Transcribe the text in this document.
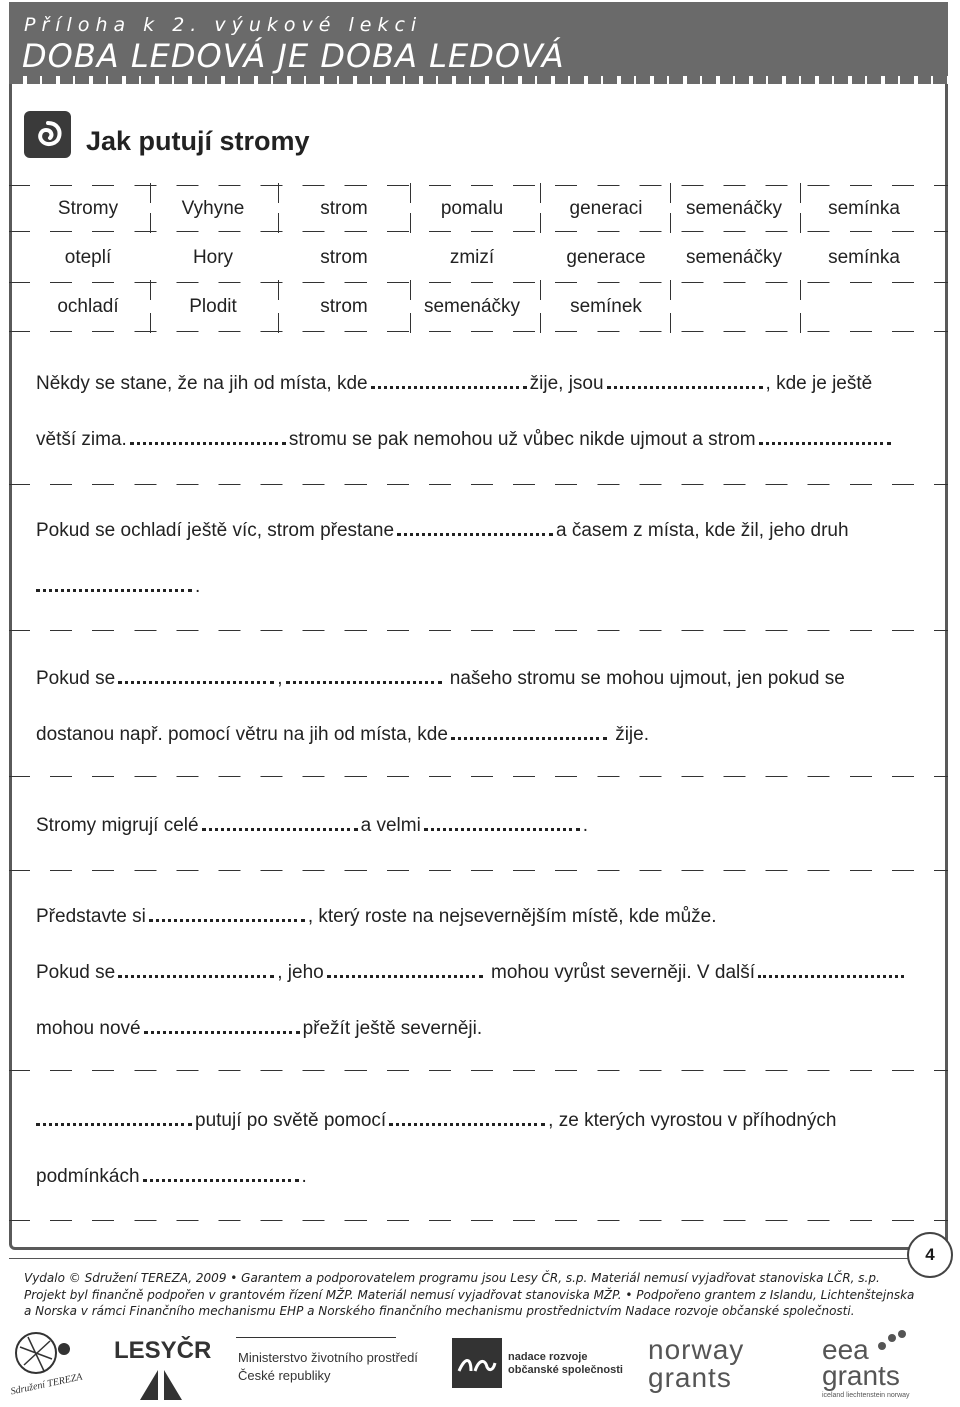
Příloha k 2. výukové lekci
DOBA LEDOVÁ JE DOBA LEDOVÁ
Jak putují stromy
Stromy	Vyhyne	strom	pomalu	generaci	semenáčky	semínka
oteplí	Hory	strom	zmizí	generace	semenáčky	semínka
ochladí	Plodit	strom	semenáčky	semínek
Někdy se stane, že na jih od místa, kde	žije, jsou	, kde je ještě
větší zima.	stromu se pak nemohou už vůbec nikde ujmout a strom
Pokud se ochladí ještě víc, strom přestane	a časem z místa, kde žil, jeho druh
.
Pokud se	,	našeho stromu se mohou ujmout, jen pokud se
dostanou např. pomocí větru na jih od místa, kde	žije.
Stromy migrují celé	a velmi	.
Představte si	, který roste na nejsevernějším místě, kde může.
Pokud se	, jeho	mohou vyrůst severněji. V další
mohou nové	přežít ještě severněji.
putují po světě pomocí	, ze kterých vyrostou v příhodných
podmínkách	.
4
Vydalo © Sdružení TEREZA, 2009 • Garantem a podporovatelem programu jsou Lesy ČR, s.p. Materiál nemusí vyjadřovat stanoviska LČR, s.p.
Projekt byl finančně podpořen v grantovém řízení MŽP. Materiál nemusí vyjadřovat stanoviska MŽP. • Podpořeno grantem z Islandu, Lichtenštejnska
a Norska v rámci Finančního mechanismu EHP a Norského finančního mechanismu prostřednictvím Nadace rozvoje občanské společnosti.
Sdružení TEREZA
LESYČR Ministerstvo životního prostředí
České republiky
nadace rozvoje
občanské společnosti
norway
grants
eea
grants
iceland liechtenstein norway
